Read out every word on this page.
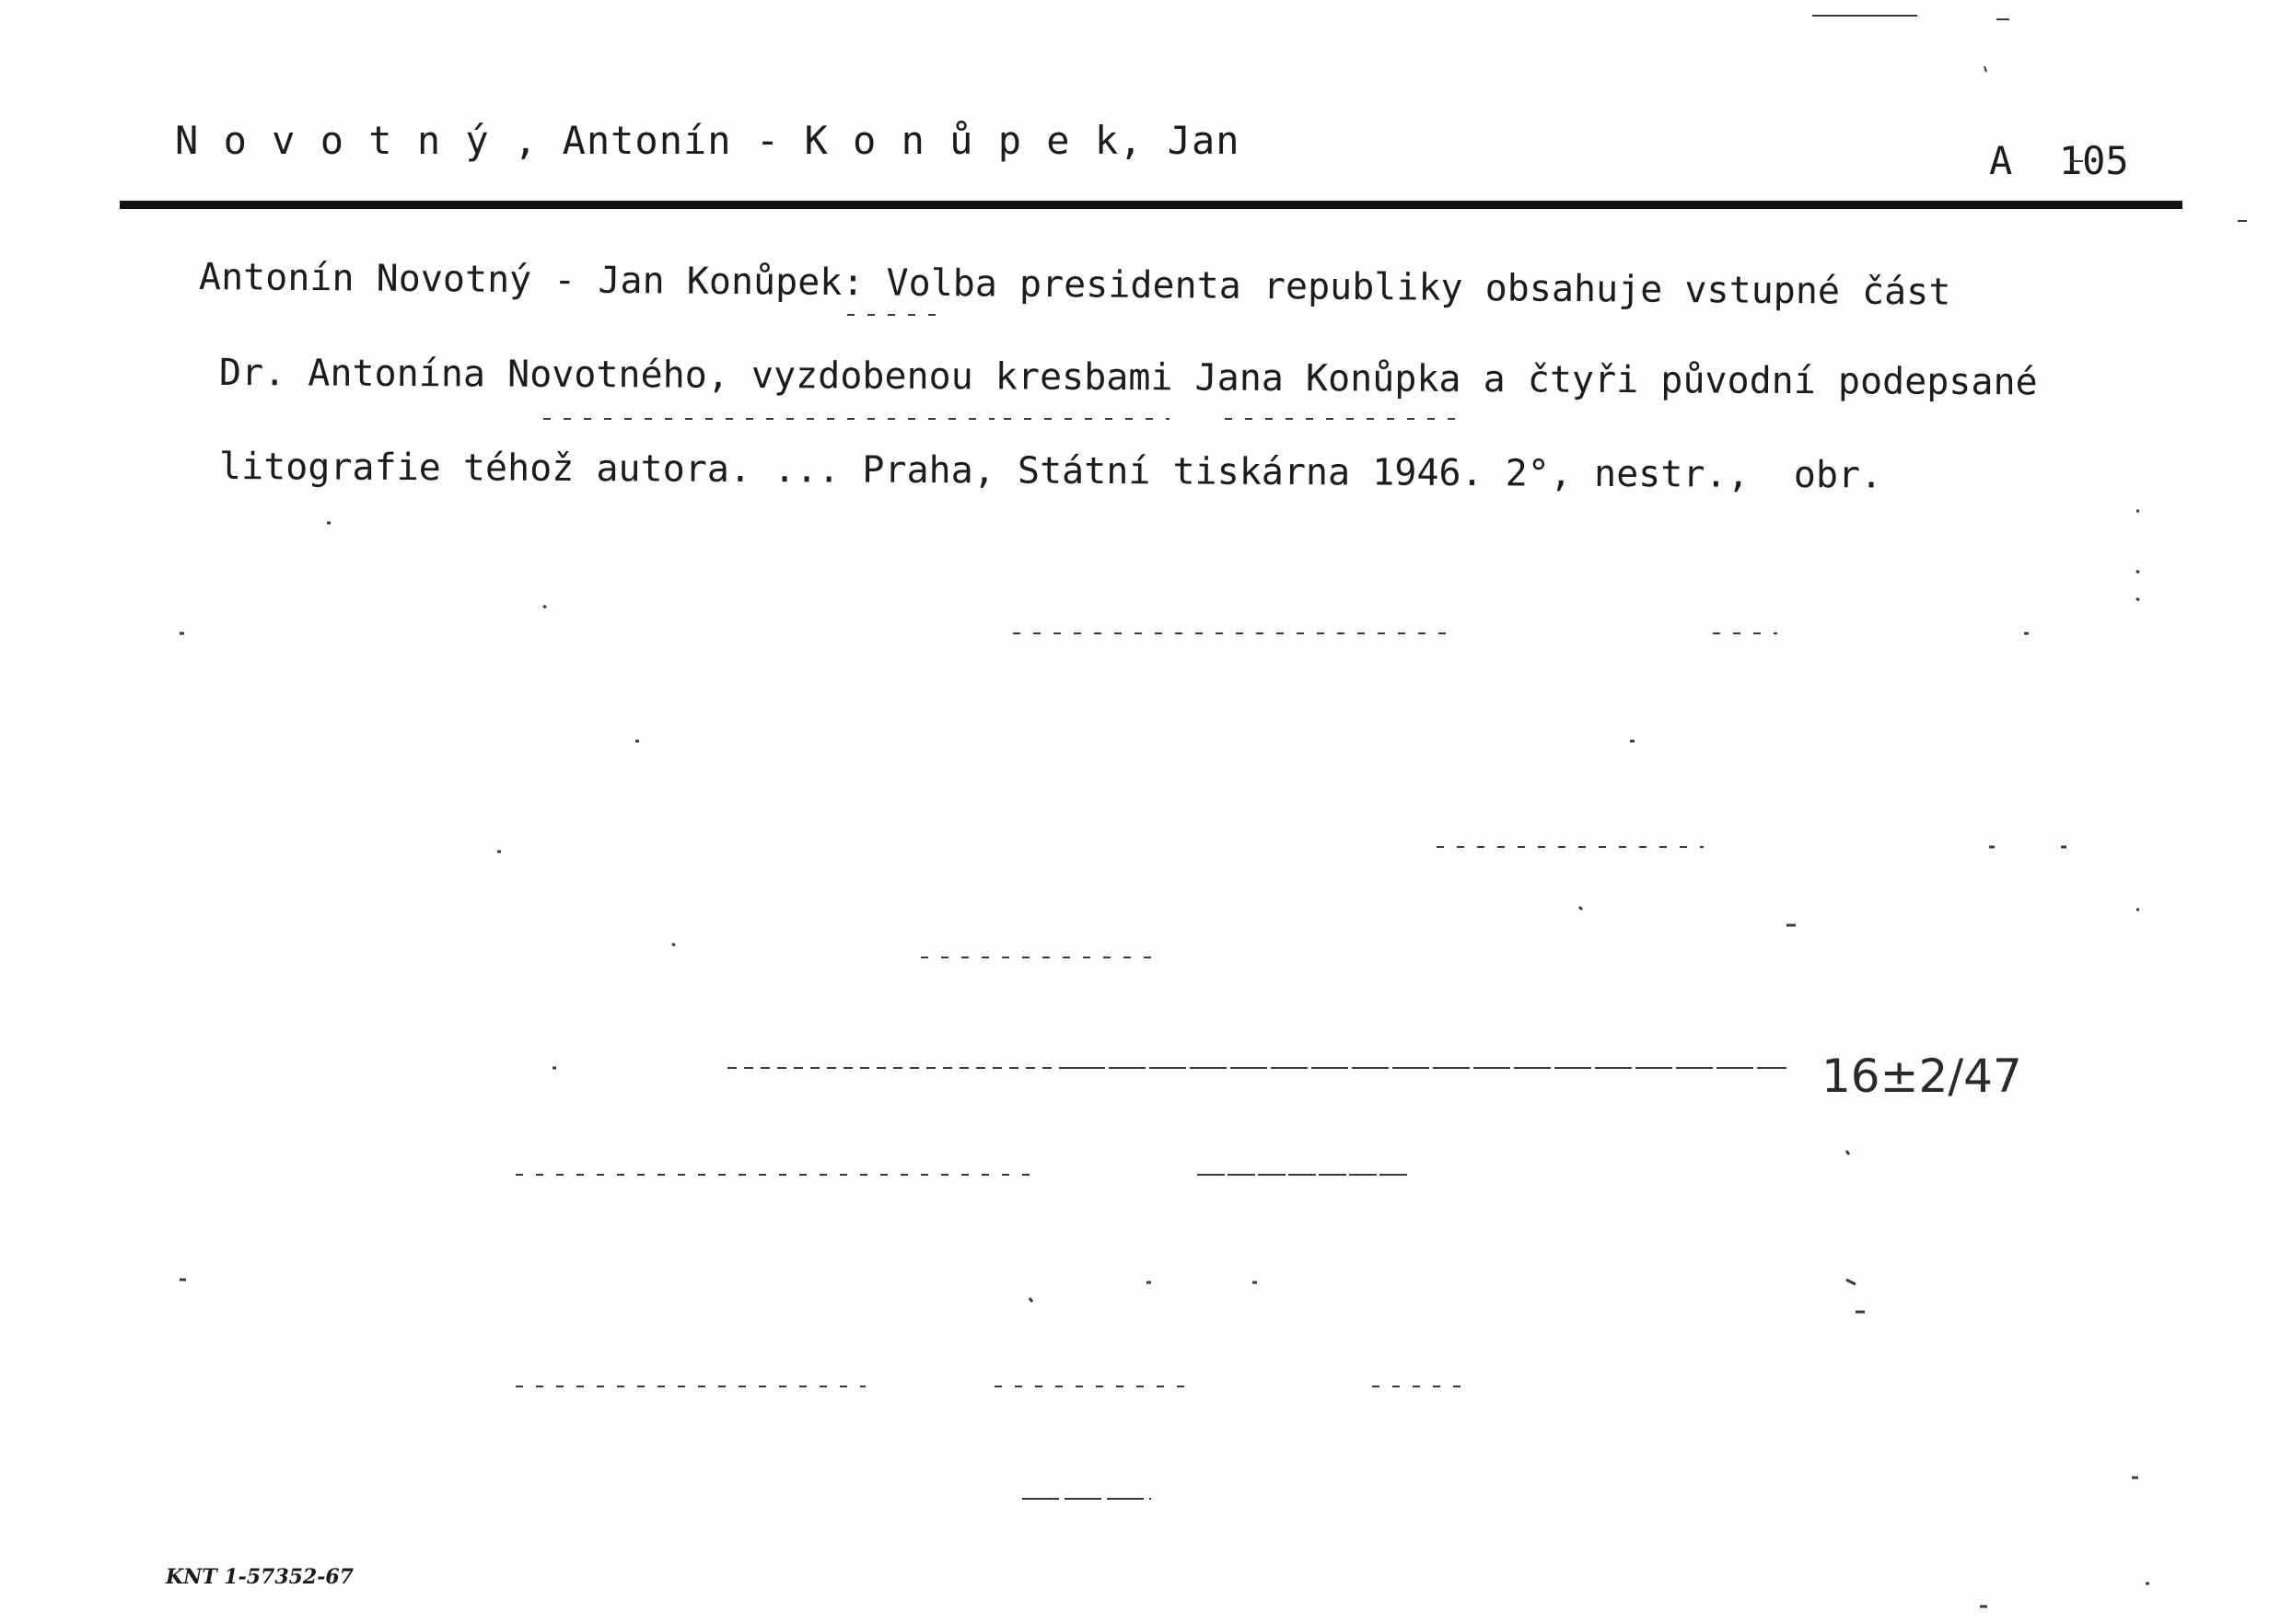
N o v o t n ý , Antonín - K o n ů p e k, Jan	A  105
Antonín Novotný - Jan Konůpek: Volba presidenta republiky obsahuje vstupné část
Dr. Antonína Novotného, vyzdobenou kresbami Jana Konůpka a čtyři původní podepsané
litografie téhož autora. ... Praha, Státní tiskárna 1946. 2°, nestr.,  obr.
16±2/47
KNT 1-57352-67
